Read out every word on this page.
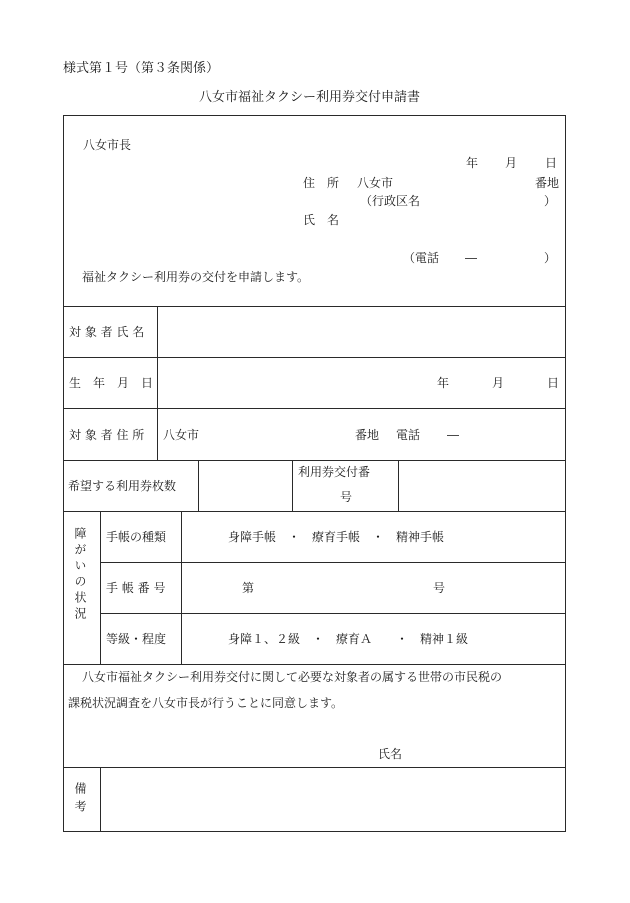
様式第１号（第３条関係）
八女市福祉タクシー利用券交付申請書
八女市長
年 月 日
住　所 八女市	番地
（行政区名	）
氏　名
（電話 ―	）
福祉タクシー利用券の交付を申請します。
対 象 者 氏 名
生　年　月　日	年	月	日
対 象 者 住 所 八女市	番地 電話 ―
希望する利用券枚数
利用券交付番
号
障がいの状況 手帳の種類	身障手帳　・　療育手帳　・　精神手帳
手 帳 番 号	第	号
等級・程度	身障１、２級　・　療育Ａ　　・　精神１級
八女市福祉タクシー利用券交付に関して必要な対象者の属する世帯の市民税の
課税状況調査を八女市長が行うことに同意します。
氏名
備考
